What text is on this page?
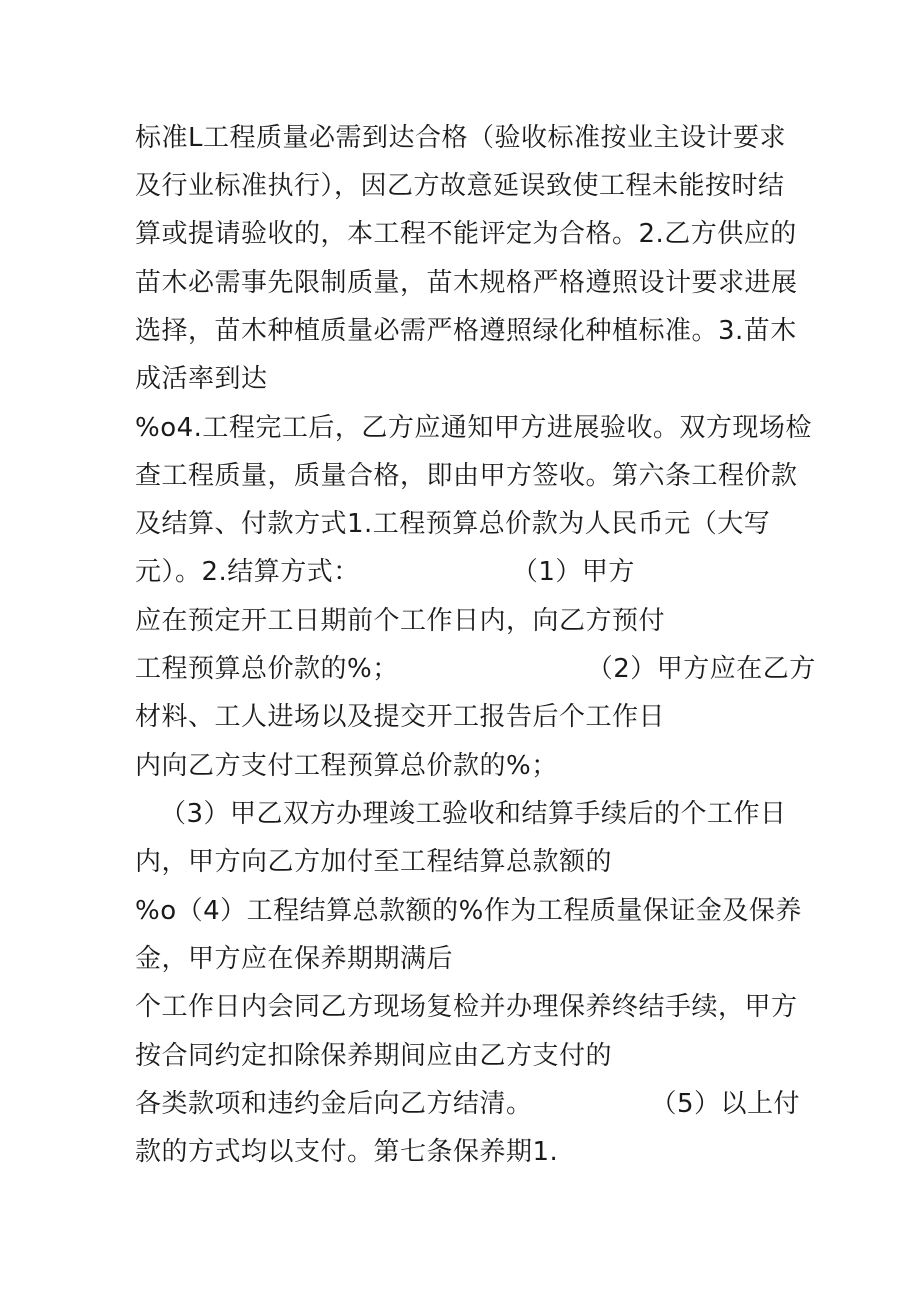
标准L工程质量必需到达合格（验收标准按业主设计要求
及行业标准执行），因乙方故意延误致使工程未能按时结
算或提请验收的，本工程不能评定为合格。2.乙方供应的
苗木必需事先限制质量，苗木规格严格遵照设计要求进展
选择，苗木种植质量必需严格遵照绿化种植标准。3.苗木
成活率到达
%o4.工程完工后，乙方应通知甲方进展验收。双方现场检
查工程质量，质量合格，即由甲方签收。第六条工程价款
及结算、付款方式1.工程预算总价款为人民币元（大写
元）。2.结算方式：	（1）甲方
应在预定开工日期前个工作日内，向乙方预付
工程预算总价款的%；	（2）甲方应在乙方
材料、工人进场以及提交开工报告后个工作日
内向乙方支付工程预算总价款的%；
（3）甲乙双方办理竣工验收和结算手续后的个工作日
内，甲方向乙方加付至工程结算总款额的
%o（4）工程结算总款额的%作为工程质量保证金及保养
金，甲方应在保养期期满后
个工作日内会同乙方现场复检并办理保养终结手续，甲方
按合同约定扣除保养期间应由乙方支付的
各类款项和违约金后向乙方结清。	（5）以上付
款的方式均以支付。第七条保养期1.
